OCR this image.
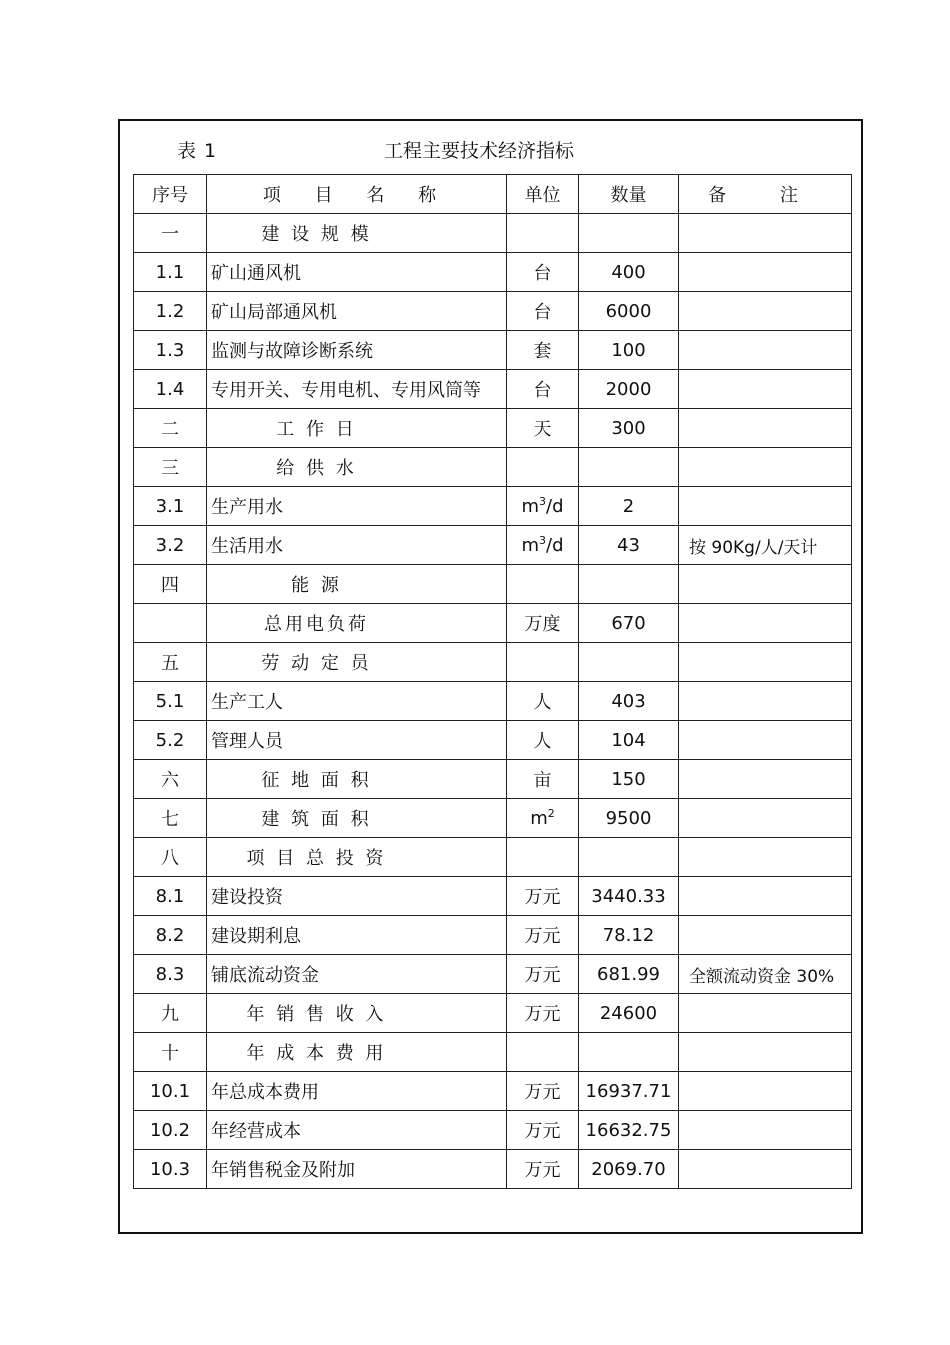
表 1	工程主要技术经济指标
序号	项 目 名 称	单位	数量	备 注
一	建 设 规 模			
1.1	矿山通风机	台	400	
1.2	矿山局部通风机	台	6000	
1.3	监测与故障诊断系统	套	100	
1.4	专用开关、专用电机、专用风筒等	台	2000	
二	工 作 日	天	300	
三	给 供 水			
3.1	生产用水	$m^3/d$	2	
3.2	生活用水	$m^3/d$	43	按 90Kg/人/天计
四	能 源			
	总用电负荷	万度	670	
五	劳 动 定 员			
5.1	生产工人	人	403	
5.2	管理人员	人	104	
六	征 地 面 积	亩	150	
七	建 筑 面 积	$m^2$	9500	
八	项 目 总 投 资			
8.1	建设投资	万元	3440.33	
8.2	建设期利息	万元	78.12	
8.3	铺底流动资金	万元	681.99	全额流动资金 30%
九	年 销 售 收 入	万元	24600	
十	年 成 本 费 用			
10.1	年总成本费用	万元	16937.71	
10.2	年经营成本	万元	16632.75	
10.3	年销售税金及附加	万元	2069.70	
